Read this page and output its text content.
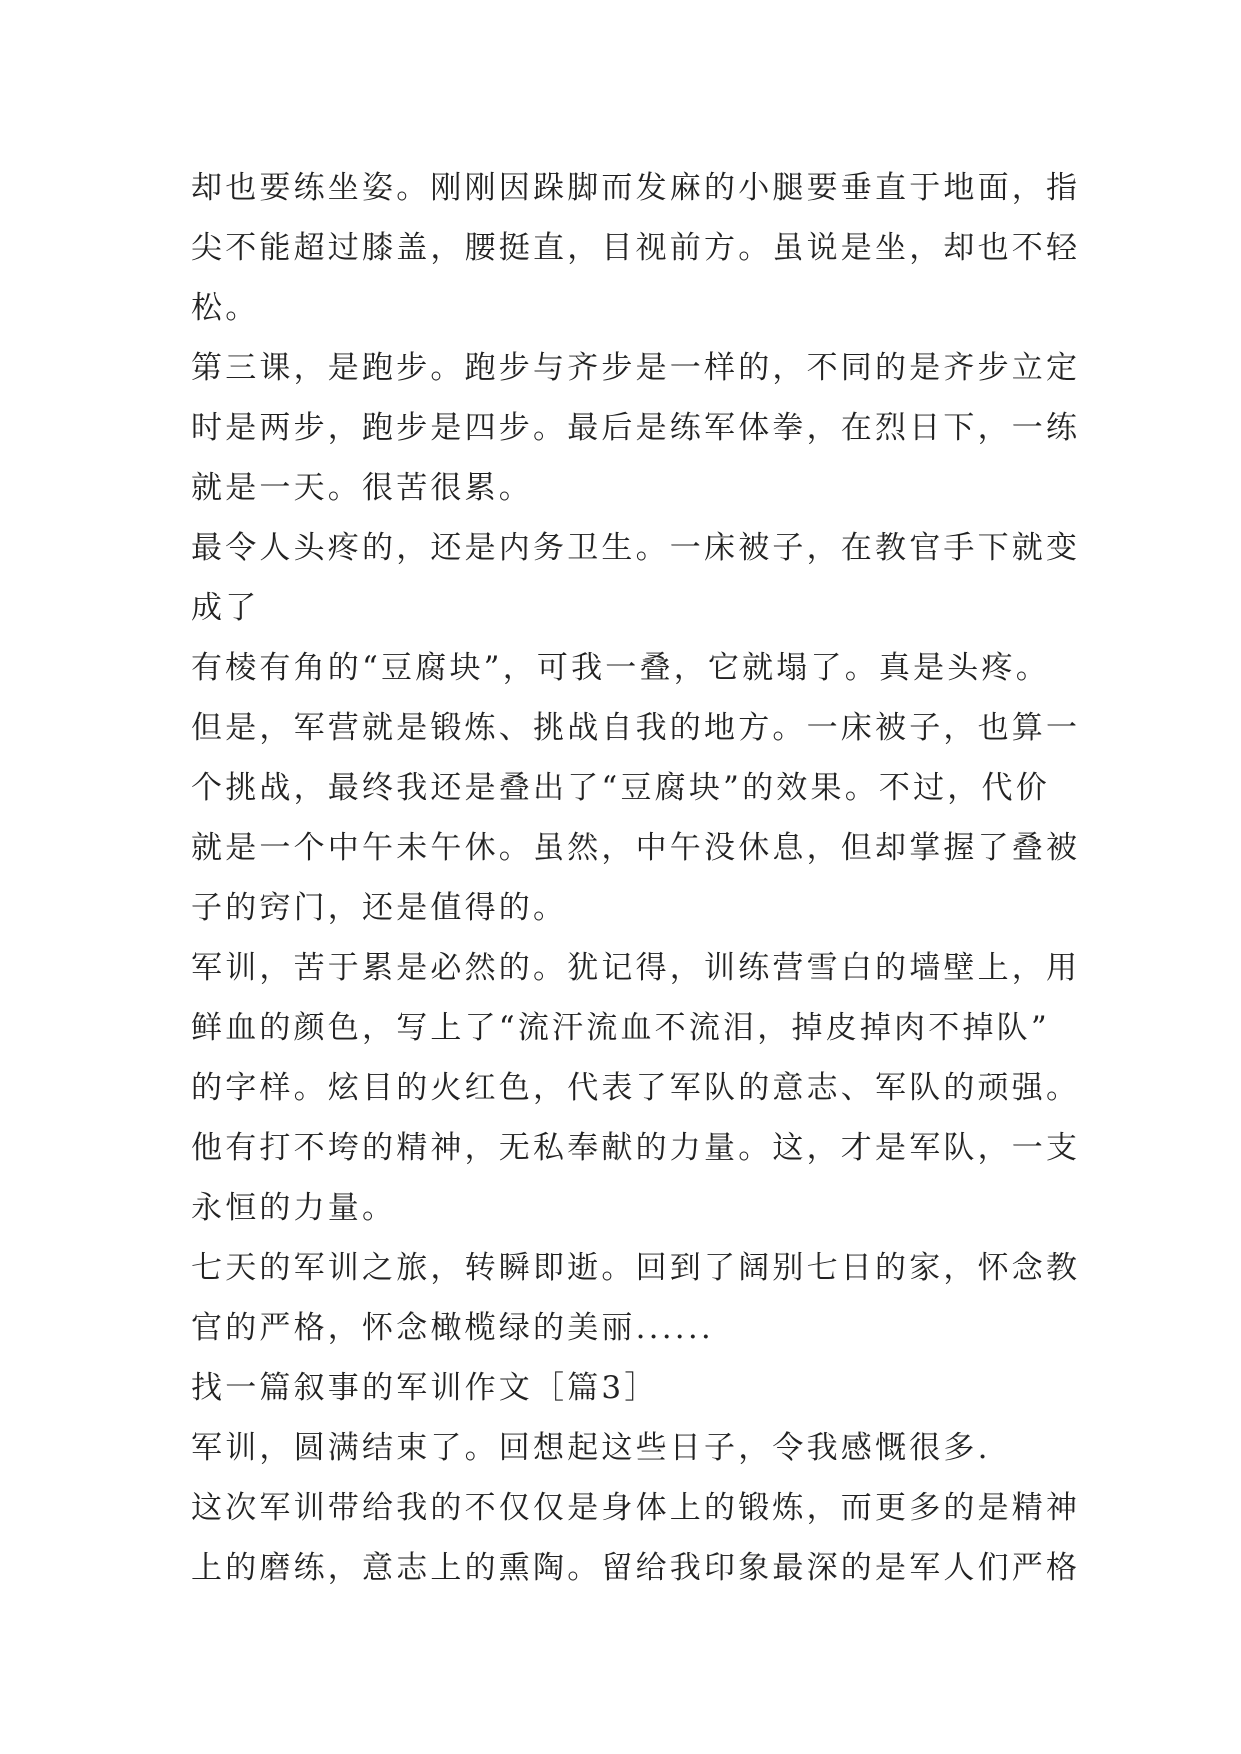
却也要练坐姿。刚刚因跺脚而发麻的小腿要垂直于地面，指
尖不能超过膝盖，腰挺直，目视前方。虽说是坐，却也不轻
松。
第三课，是跑步。跑步与齐步是一样的，不同的是齐步立定
时是两步，跑步是四步。最后是练军体拳，在烈日下，一练
就是一天。很苦很累。
最令人头疼的，还是内务卫生。一床被子，在教官手下就变
成了
有棱有角的“豆腐块”，可我一叠，它就塌了。真是头疼。
但是，军营就是锻炼、挑战自我的地方。一床被子，也算一
个挑战，最终我还是叠出了“豆腐块”的效果。不过，代价
就是一个中午未午休。虽然，中午没休息，但却掌握了叠被
子的窍门，还是值得的。
军训，苦于累是必然的。犹记得，训练营雪白的墙壁上，用
鲜血的颜色，写上了“流汗流血不流泪，掉皮掉肉不掉队”
的字样。炫目的火红色，代表了军队的意志、军队的顽强。
他有打不垮的精神，无私奉献的力量。这，才是军队，一支
永恒的力量。
七天的军训之旅，转瞬即逝。回到了阔别七日的家，怀念教
官的严格，怀念橄榄绿的美丽......
找一篇叙事的军训作文［篇3］
军训，圆满结束了。回想起这些日子，令我感慨很多.
这次军训带给我的不仅仅是身体上的锻炼，而更多的是精神
上的磨练，意志上的熏陶。留给我印象最深的是军人们严格
